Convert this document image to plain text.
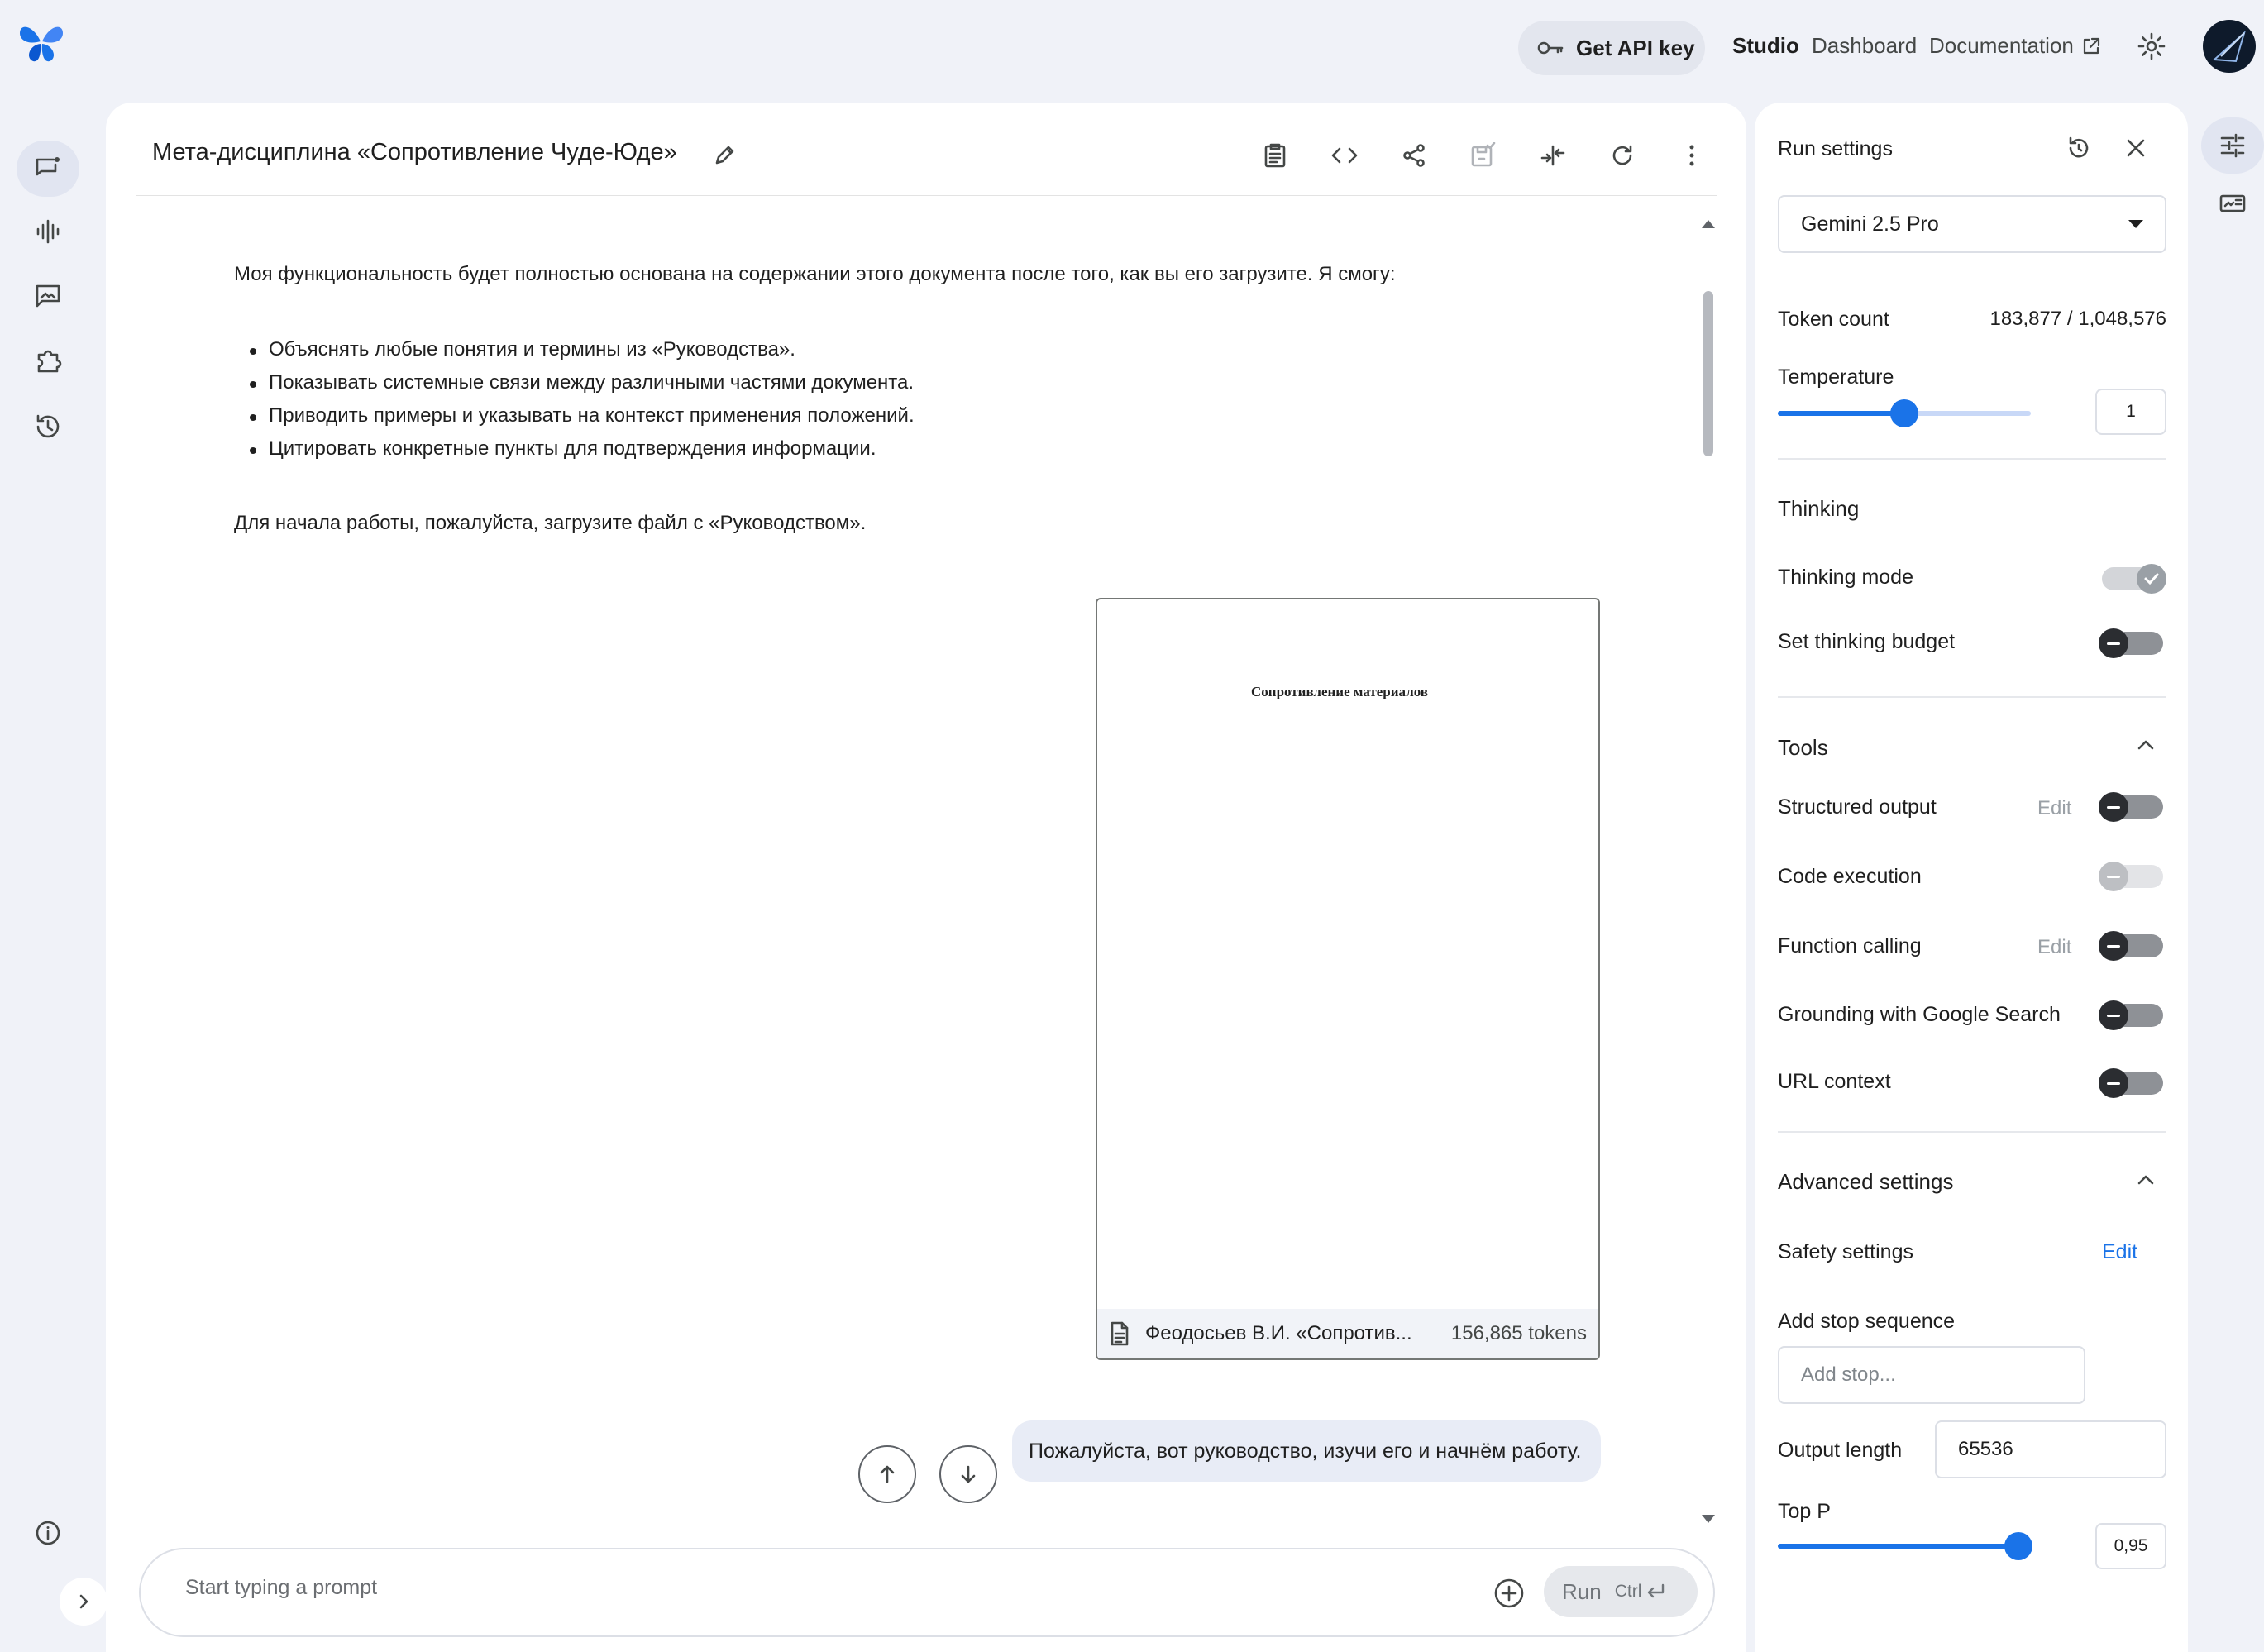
Get API key Studio Dashboard Documentation
Мета-дисциплина «Сопротивление Чуде-Юде»
Моя функциональность будет полностью основана на содержании этого документа после того, как вы его загрузите. Я смогу:
Объяснять любые понятия и термины из «Руководства».
Показывать системные связи между различными частями документа.
Приводить примеры и указывать на контекст применения положений.
Цитировать конкретные пункты для подтверждения информации.
Для начала работы, пожалуйста, загрузите файл с «Руководством».
Сопротивление материалов
Феодосьев В.И. «Сопротив... 156,865 tokens
Пожалуйста, вот руководство, изучи его и начнём работу.
Start typing a prompt
Run Ctrl
Run settings
Gemini 2.5 Pro
Token count	183,877 / 1,048,576
Temperature
1
Thinking
Thinking mode
Set thinking budget
Tools
Structured output	Edit
Code execution
Function calling	Edit
Grounding with Google Search
URL context
Advanced settings
Safety settings	Edit
Add stop sequence
Add stop...
Output length
65536
Top P
0,95
